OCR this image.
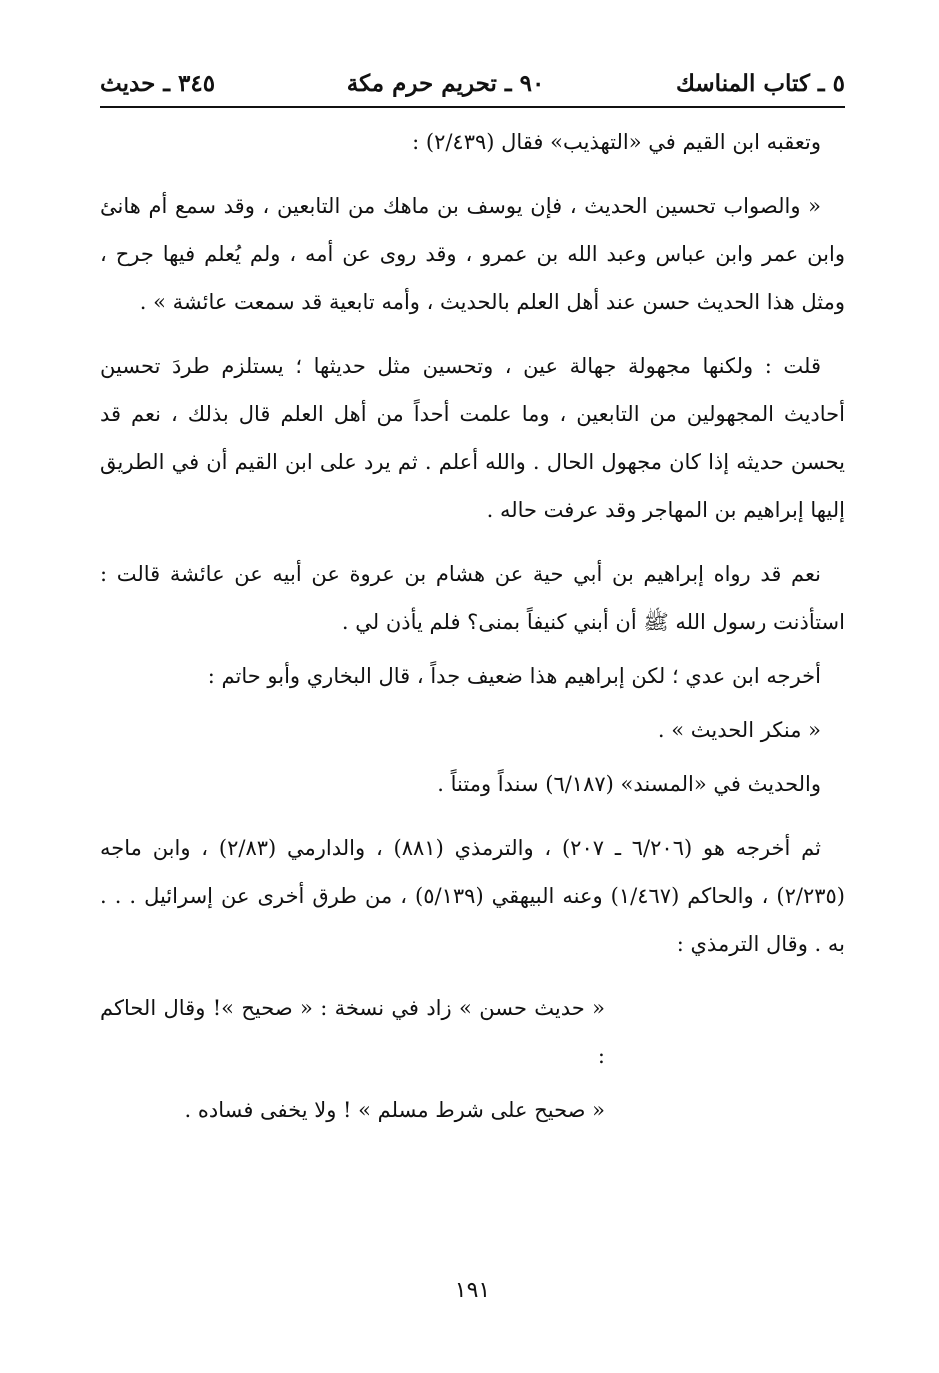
٥ ـ كتاب المناسك
٩٠ ـ تحريم حرم مكة
٣٤٥ ـ حديث

وتعقبه ابن القيم في «التهذيب» فقال (٢/٤٣٩) :

« والصواب تحسين الحديث ، فإن يوسف بن ماهك من التابعين ، وقد سمع أم هانئ وابن عمر وابن عباس وعبد الله بن عمرو ، وقد روى عن أمه ، ولم يُعلم فيها جرح ، ومثل هذا الحديث حسن عند أهل العلم بالحديث ، وأمه تابعية قد سمعت عائشة » .

قلت : ولكنها مجهولة جهالة عين ، وتحسين مثل حديثها ؛ يستلزم طردَ تحسين أحاديث المجهولين من التابعين ، وما علمت أحداً من أهل العلم قال بذلك ، نعم قد يحسن حديثه إذا كان مجهول الحال . والله أعلم . ثم يرد على ابن القيم أن في الطريق إليها إبراهيم بن المهاجر وقد عرفت حاله .

نعم قد رواه إبراهيم بن أبي حية عن هشام بن عروة عن أبيه عن عائشة قالت : استأذنت رسول الله ﷺ أن أبني كنيفاً بمنى؟ فلم يأذن لي .

أخرجه ابن عدي ؛ لكن إبراهيم هذا ضعيف جداً ، قال البخاري وأبو حاتم :

« منكر الحديث » .

والحديث في «المسند» (٦/١٨٧) سنداً ومتناً .

ثم أخرجه هو (٦/٢٠٦ ـ ٢٠٧) ، والترمذي (٨٨١) ، والدارمي (٢/٨٣) ، وابن ماجه (٢/٢٣٥) ، والحاكم (١/٤٦٧) وعنه البيهقي (٥/١٣٩) ، من طرق أخرى عن إسرائيل . . . به . وقال الترمذي :

« حديث حسن » زاد في نسخة : « صحيح »! وقال الحاكم :

« صحيح على شرط مسلم » ! ولا يخفى فساده .

١٩١
